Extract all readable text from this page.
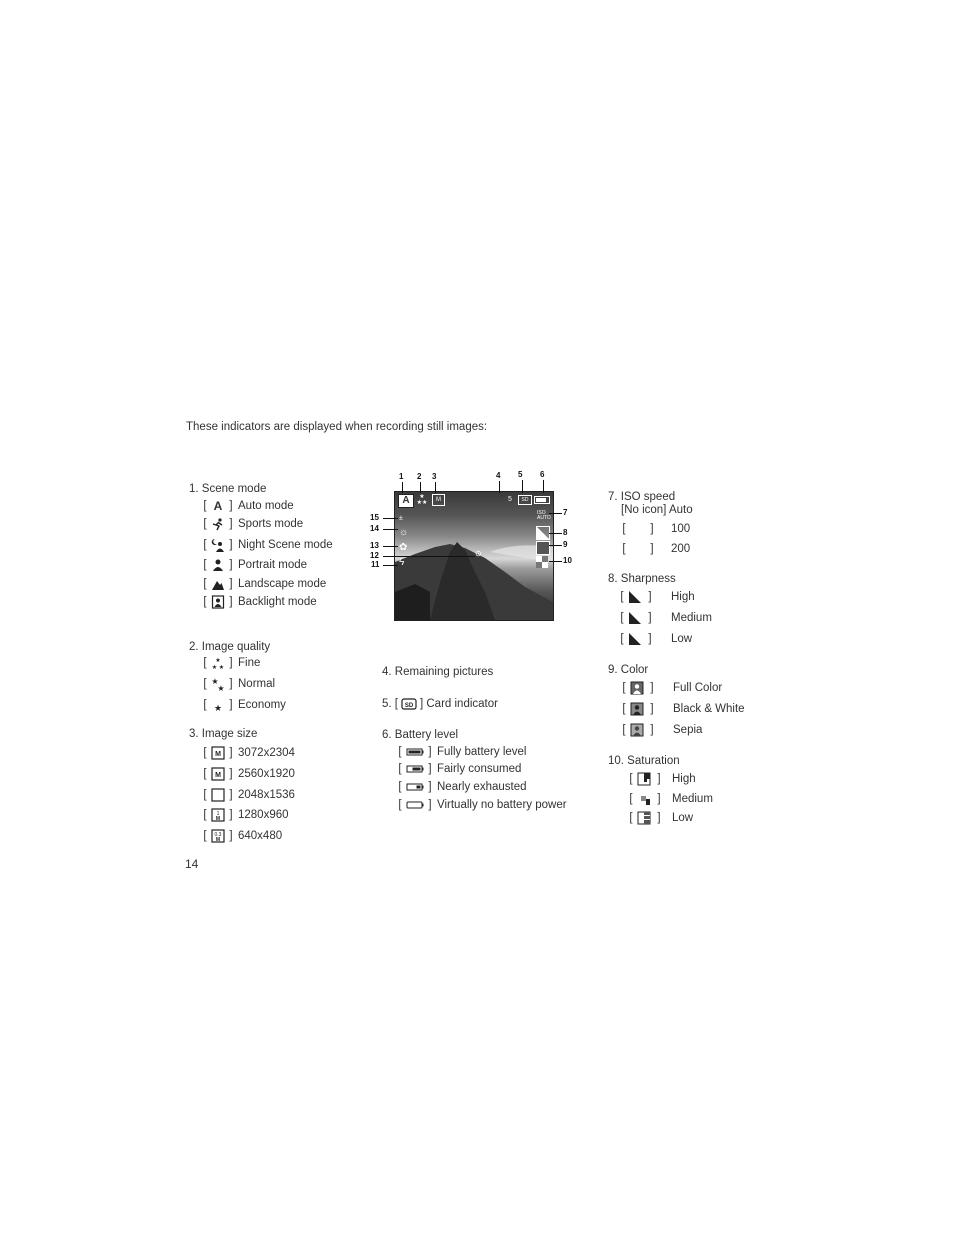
These indicators are displayed when recording still images:
1. Scene mode
[ A ] Auto mode
[ ] Sports mode
[ ] Night Scene mode
[ ] Portrait mode
[ ] Landscape mode
[ ] Backlight mode
2. Image quality
[ ★
★ ★ ] Fine
[ ★
★ ] Normal
[ ★ ] Economy
3. Image size
[ M ] 3072x2304
[ M ] 2560x1920
[ ] 2048x1536
[ 1
M ] 1280x960
[ 0.3
M ] 640x480
14
A	★
★★	M	5	SD
ISO
AUTO
±
☼
✿
ϟ
⊙
1 2 3	4 5 6
7
8
9
10
11
12
13
14
15
4. Remaining pictures
5. [ SD ] Card indicator
6. Battery level
[ ] Fully battery level
[ ] Fairly consumed
[ ] Nearly exhausted
[ ] Virtually no battery power
7. ISO speed
[No icon] Auto
[ ] 100
[ ] 200
8. Sharpness
[ ] High
[ ] Medium
[ ] Low
9. Color
[ ] Full Color
[ ] Black & White
[ ] Sepia
10. Saturation
[ ] High
[ ] Medium
[ ] Low
